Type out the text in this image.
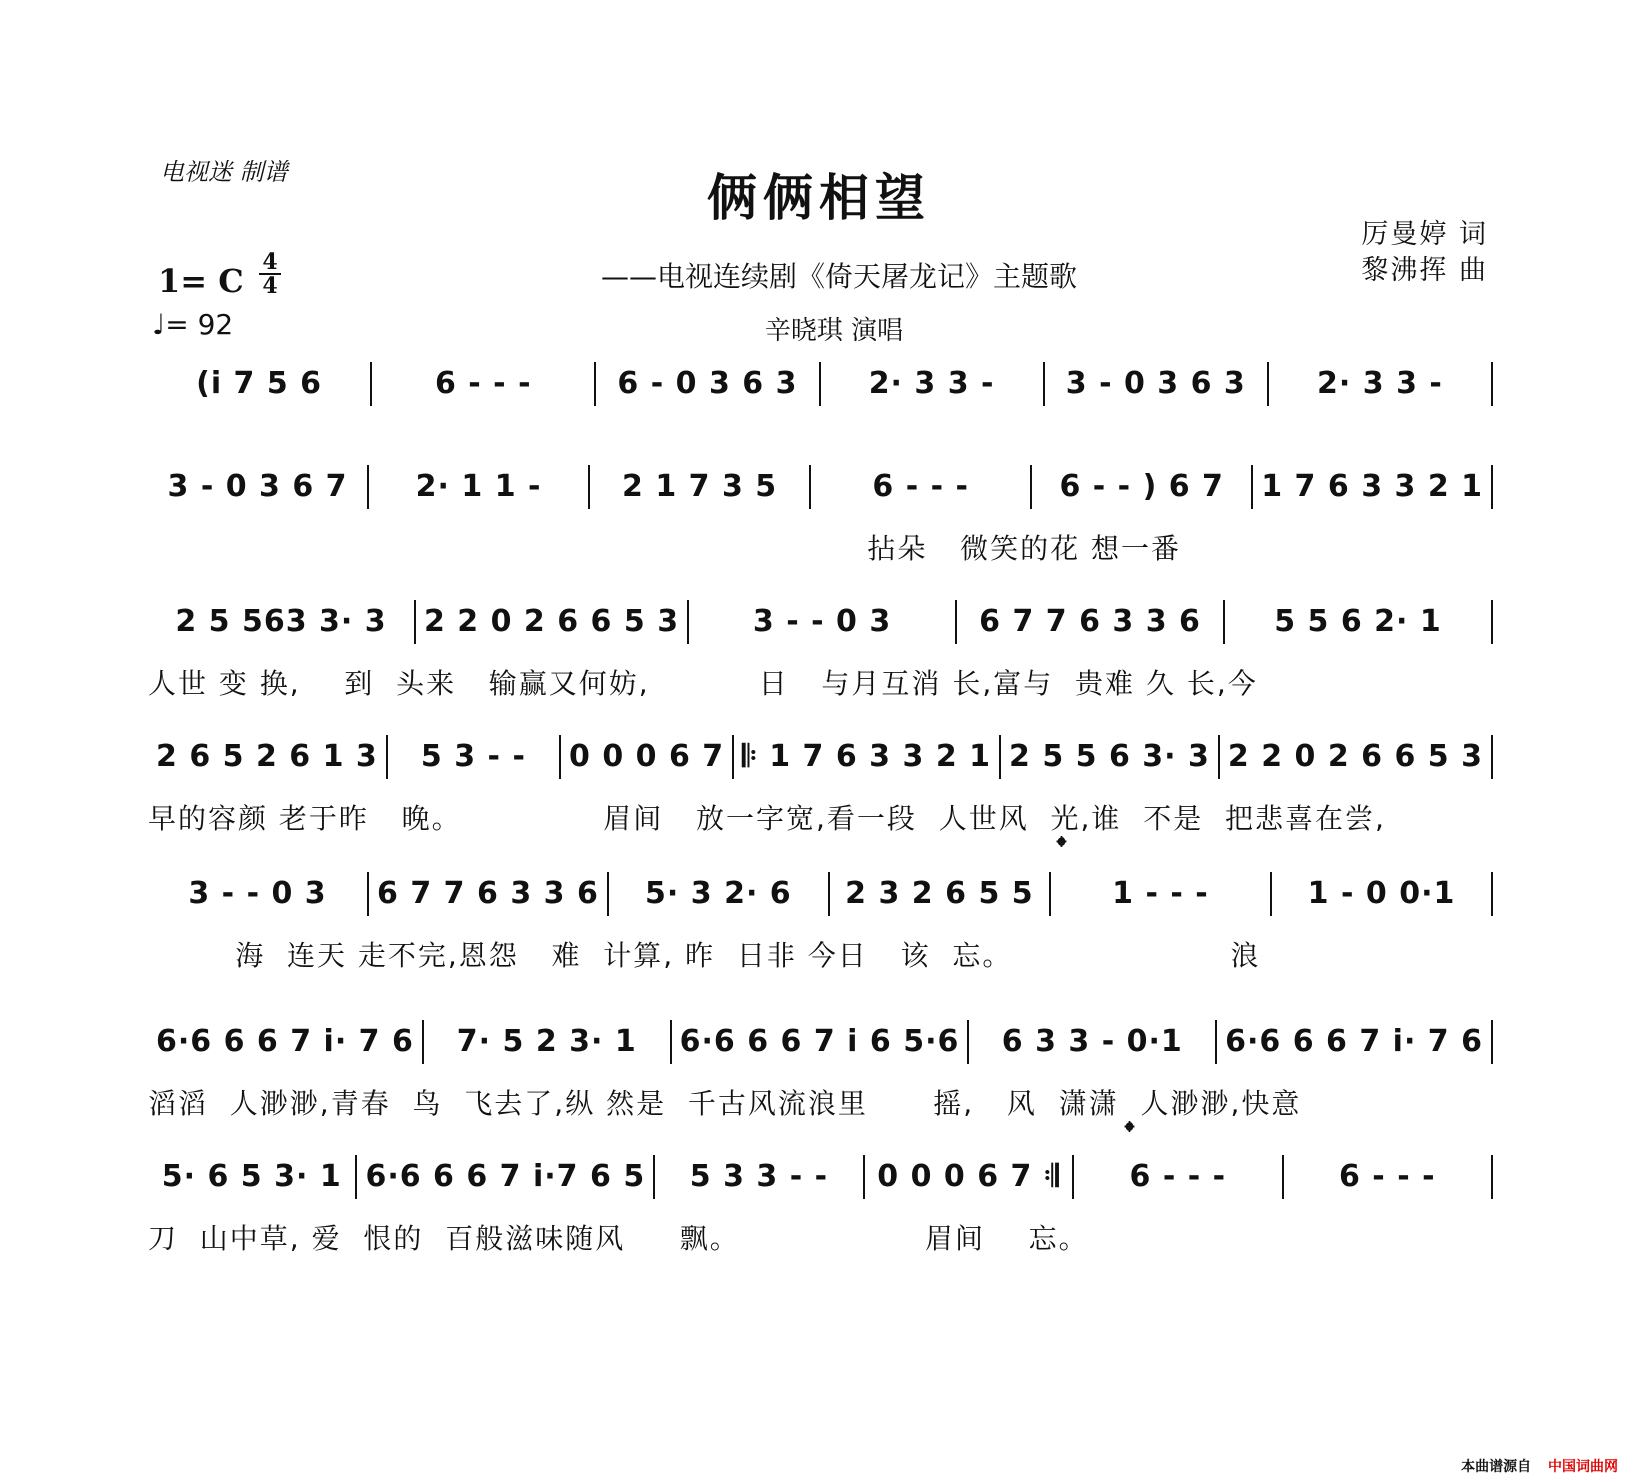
电视迷 制谱	俩俩相望
——电视连续剧《倚天屠龙记》主题歌
辛晓琪 演唱
厉曼婷 词
黎沸挥 曲
1= C 4
4
♩= 92
(i 7 5 6	6 - - -	6 - 0 3 6 3	2· 3 3 -	3 - 0 3 6 3	2· 3 3 -
3 - 0 3 6 7	2· 1 1 -	2 1 7 3 5	6 - - -	6 - - ) 6 7	1 7 6 3 3 2 1
拈朵   微笑的花 想一番
2 5 563 3· 3	2 2 0 2 6 6 5 3	3 - - 0 3	6 7 7 6 3 3 6	5 5 6 2· 1
人世 变 换,    到  头来   输赢又何妨,          日   与月互消 长,富与  贵难 久 长,今
2 6 5 2 6 1 3	5 3 - -	0 0 0 6 7 𝄆 1 7 6 3 3 2 1 2 5 5 6 3· 3 2 2 0 2 6 6 5 3
早的容颜 老于昨   晚。             眉间   放一字宽,看一段  人世风  光,谁  不是  把悲喜在尝,
3 - - 0 3	6 7 7 6 3 3 6	5· 3 2· 6	2 3 2 6 5 5	1 - - -	1 - 0 0·1
海  连天 走不完,恩怨   难  计算, 昨  日非 今日   该  忘。                    浪
6·6 6 6 7 i· 7 6	7· 5 2 3· 1	6·6 6 6 7 i 6 5·6	6 3 3 - 0·1	6·6 6 6 7 i· 7 6
滔滔  人渺渺,青春  鸟  飞去了,纵 然是  千古风流浪里      摇,   风  潇潇  人渺渺,快意
5· 6 5 3· 1 6·6 6 6 7 i·7 6 5	5 3 3 - -	0 0 0 6 7 𝄇	6 - - -	6 - - -
刀  山中草, 爱  恨的  百般滋味随风     飘。                 眉间    忘。
𝄌
𝄌
本曲谱源自 中国词曲网
